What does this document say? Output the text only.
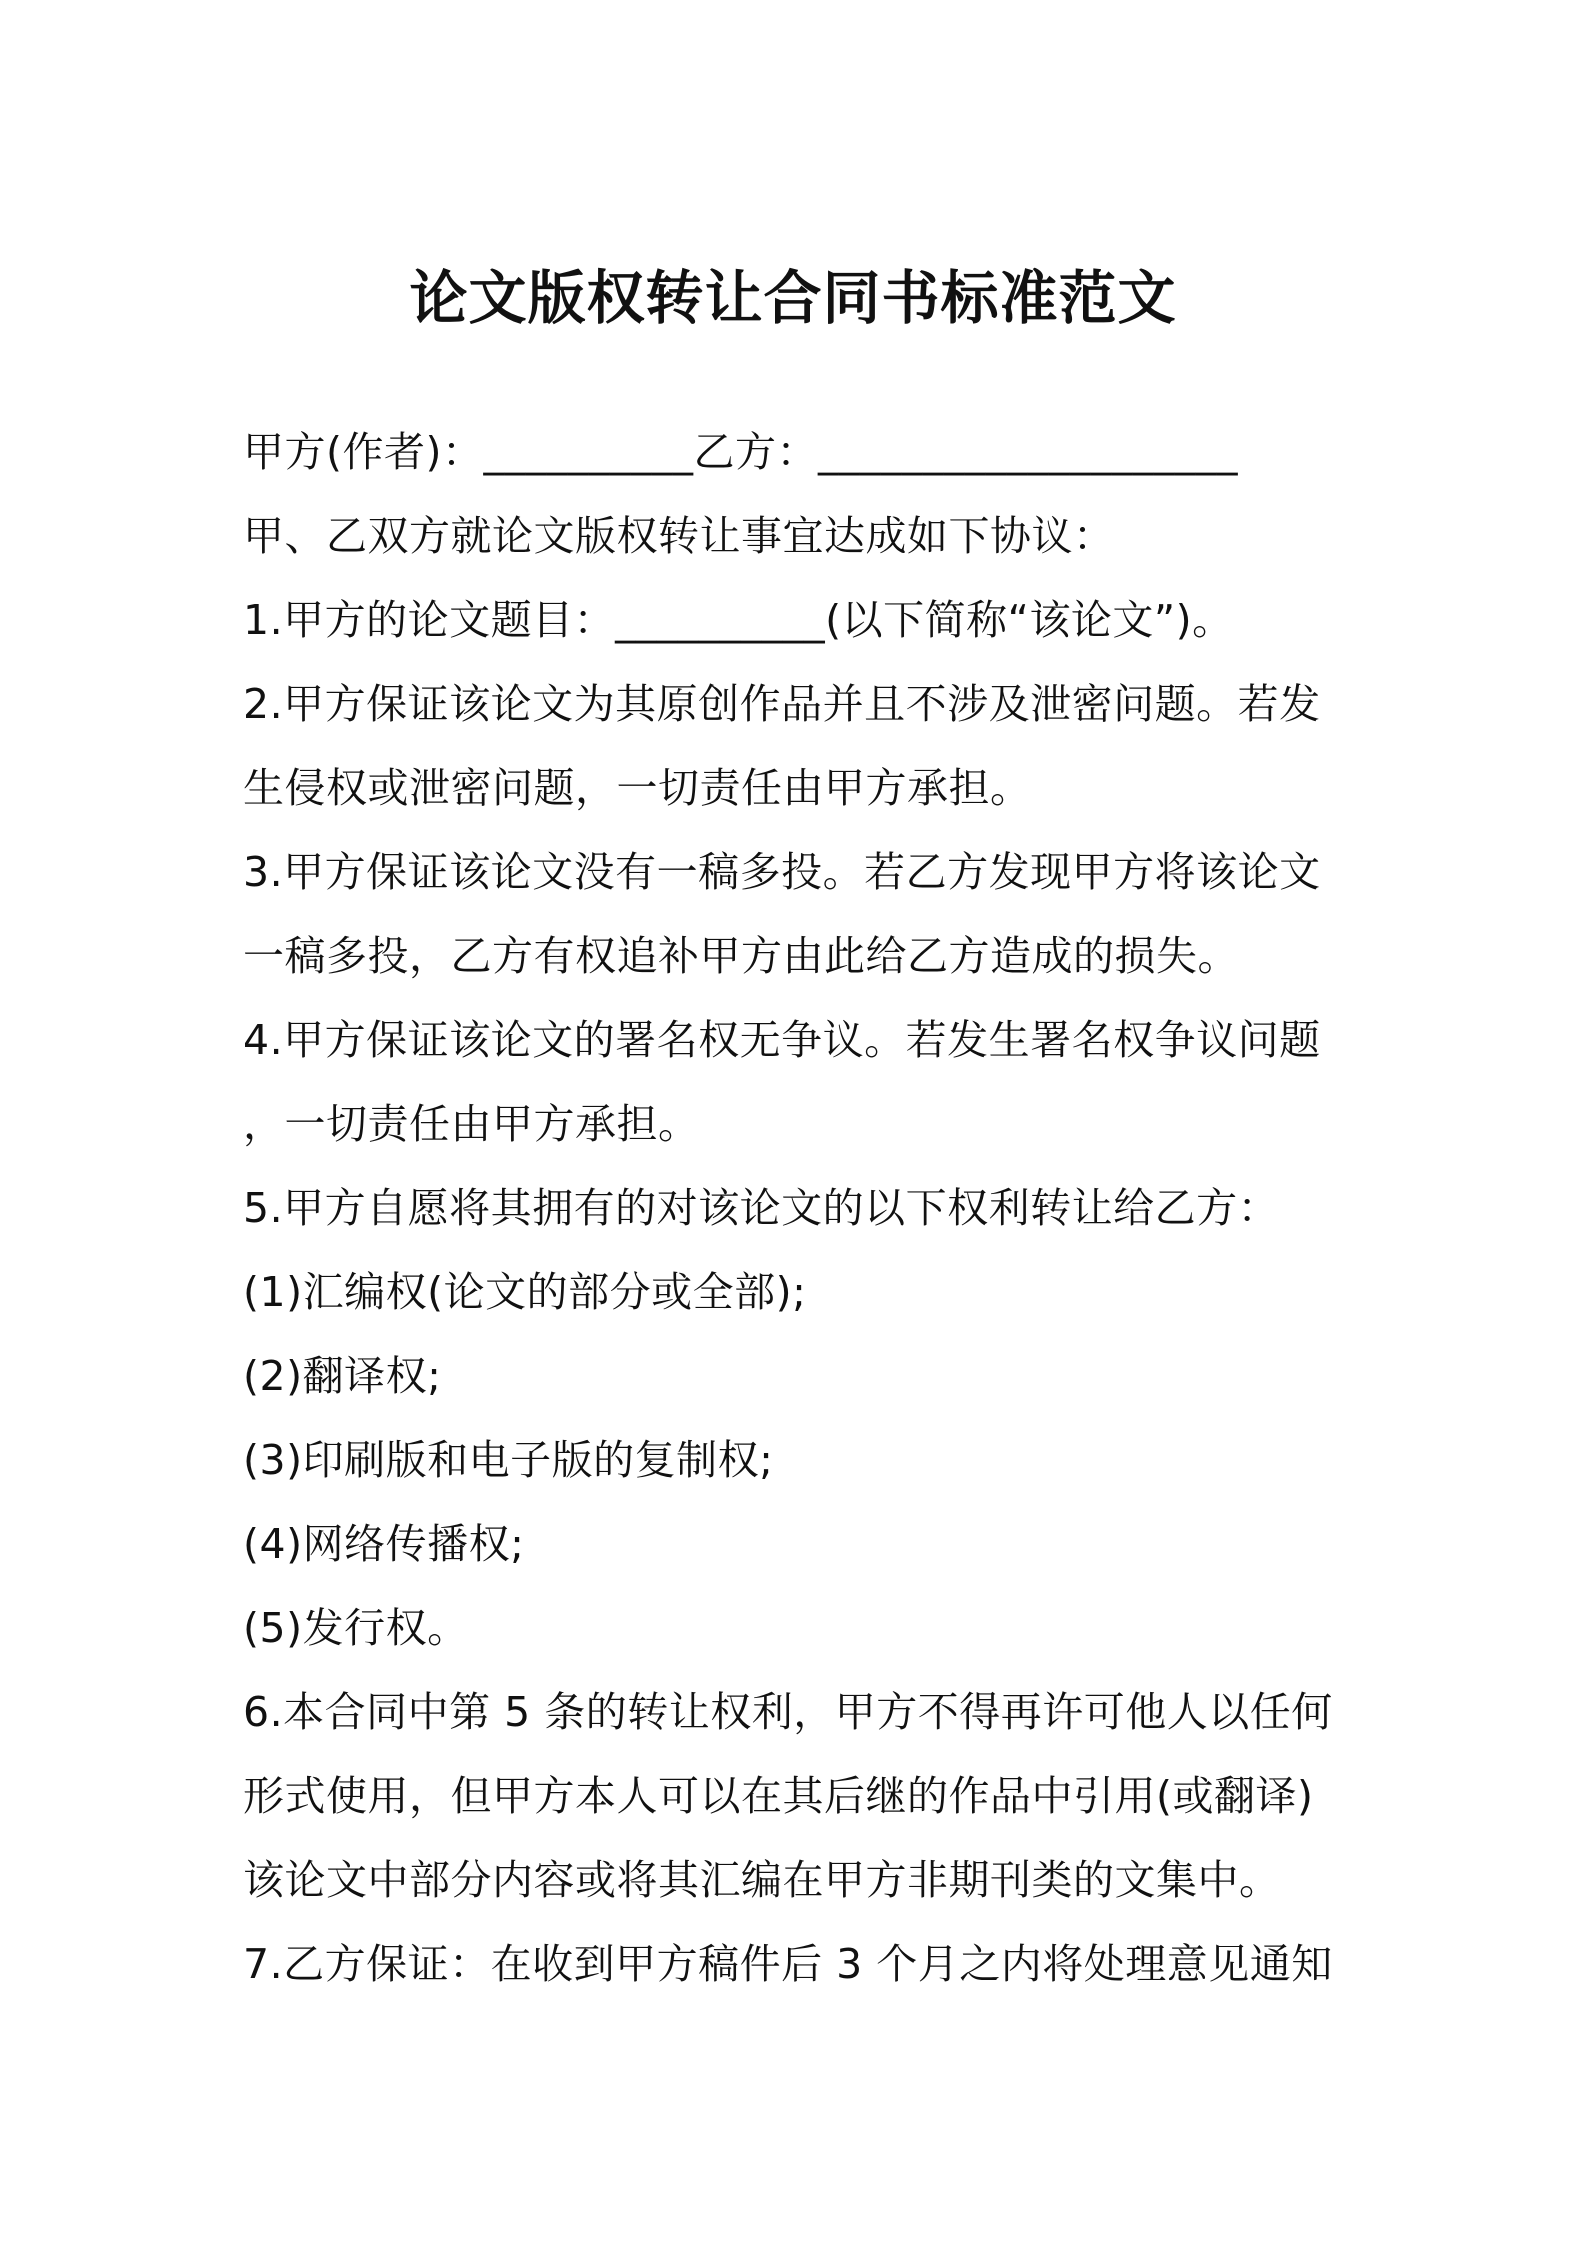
论文版权转让合同书标准范文
甲方(作者)：__________乙方：____________________
甲、乙双方就论文版权转让事宜达成如下协议：
1.甲方的论文题目：__________(以下简称“该论文”)。
2.甲方保证该论文为其原创作品并且不涉及泄密问题。若发
生侵权或泄密问题，一切责任由甲方承担。
3.甲方保证该论文没有一稿多投。若乙方发现甲方将该论文
一稿多投，乙方有权追补甲方由此给乙方造成的损失。
4.甲方保证该论文的署名权无争议。若发生署名权争议问题
，一切责任由甲方承担。
5.甲方自愿将其拥有的对该论文的以下权利转让给乙方：
(1)汇编权(论文的部分或全部);
(2)翻译权;
(3)印刷版和电子版的复制权;
(4)网络传播权;
(5)发行权。
6.本合同中第 5 条的转让权利，甲方不得再许可他人以任何
形式使用，但甲方本人可以在其后继的作品中引用(或翻译)
该论文中部分内容或将其汇编在甲方非期刊类的文集中。
7.乙方保证：在收到甲方稿件后 3 个月之内将处理意见通知
